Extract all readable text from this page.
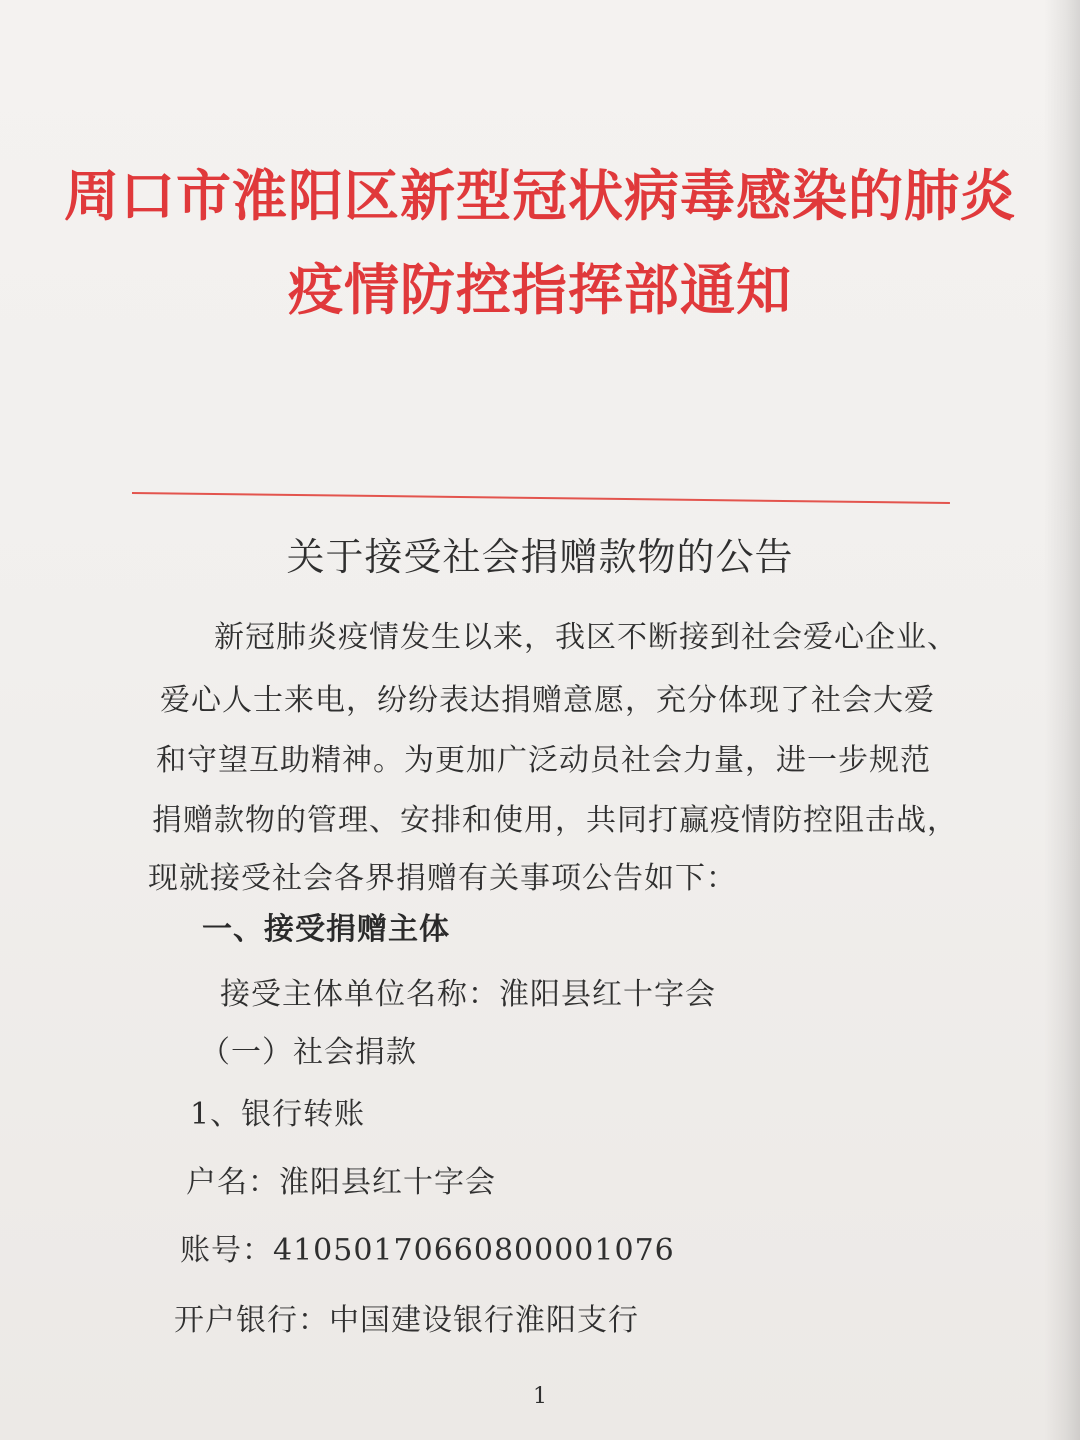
周口市淮阳区新型冠状病毒感染的肺炎
疫情防控指挥部通知
关于接受社会捐赠款物的公告
新冠肺炎疫情发生以来，我区不断接到社会爱心企业、
爱心人士来电，纷纷表达捐赠意愿，充分体现了社会大爱
和守望互助精神。为更加广泛动员社会力量，进一步规范
捐赠款物的管理、安排和使用，共同打赢疫情防控阻击战，
现就接受社会各界捐赠有关事项公告如下：
一、接受捐赠主体
接受主体单位名称：淮阳县红十字会
（一）社会捐款
1、银行转账
户名：淮阳县红十字会
账号：41050170660800001076
开户银行：中国建设银行淮阳支行
1
